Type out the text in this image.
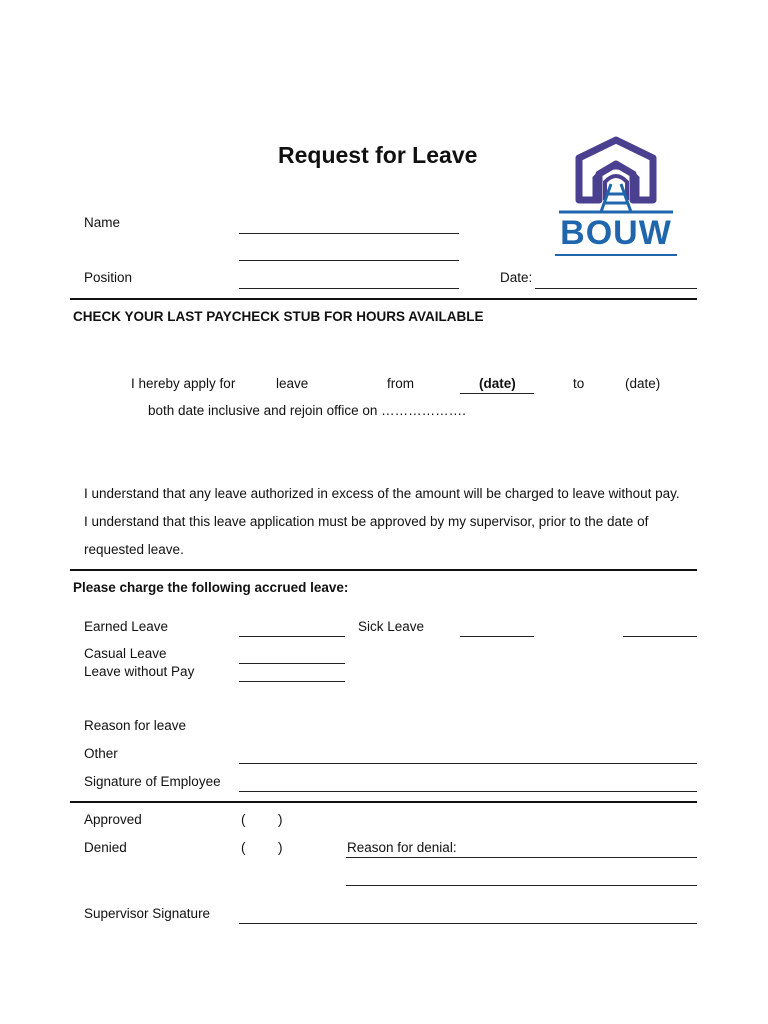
Request for Leave
BOUW
Name
Position	Date:
CHECK YOUR LAST PAYCHECK STUB FOR HOURS AVAILABLE
I hereby apply for	leave	from	(date)	to	(date)
both date inclusive and rejoin office on ……………….
I understand that any leave authorized in excess of the amount will be charged to leave without pay.
I understand that this leave application must be approved by my supervisor, prior to the date of
requested leave.
Please charge the following accrued leave:
Earned Leave	Sick Leave
Casual Leave
Leave without Pay
Reason for leave
Other
Signature of Employee
Approved	( )
Denied	( )	Reason for denial:
Supervisor Signature
